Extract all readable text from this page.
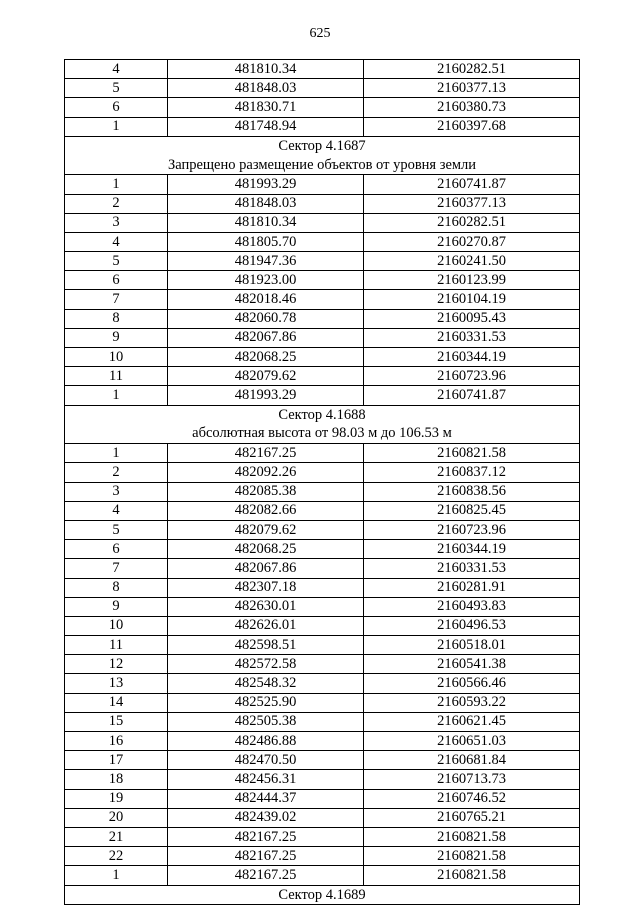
625
4	481810.34	2160282.51
5	481848.03	2160377.13
6	481830.71	2160380.73
1	481748.94	2160397.68

Сектор 4.1687
Запрещено размещение объектов от уровня земли		

1	481993.29	2160741.87
2	481848.03	2160377.13
3	481810.34	2160282.51
4	481805.70	2160270.87
5	481947.36	2160241.50
6	481923.00	2160123.99
7	482018.46	2160104.19
8	482060.78	2160095.43
9	482067.86	2160331.53
10	482068.25	2160344.19
11	482079.62	2160723.96
1	481993.29	2160741.87

Сектор 4.1688
абсолютная высота от 98.03 м до 106.53 м		

1	482167.25	2160821.58
2	482092.26	2160837.12
3	482085.38	2160838.56
4	482082.66	2160825.45
5	482079.62	2160723.96
6	482068.25	2160344.19
7	482067.86	2160331.53
8	482307.18	2160281.91
9	482630.01	2160493.83
10	482626.01	2160496.53
11	482598.51	2160518.01
12	482572.58	2160541.38
13	482548.32	2160566.46
14	482525.90	2160593.22
15	482505.38	2160621.45
16	482486.88	2160651.03
17	482470.50	2160681.84
18	482456.31	2160713.73
19	482444.37	2160746.52
20	482439.02	2160765.21
21	482167.25	2160821.58
22	482167.25	2160821.58
1	482167.25	2160821.58

Сектор 4.1689		
